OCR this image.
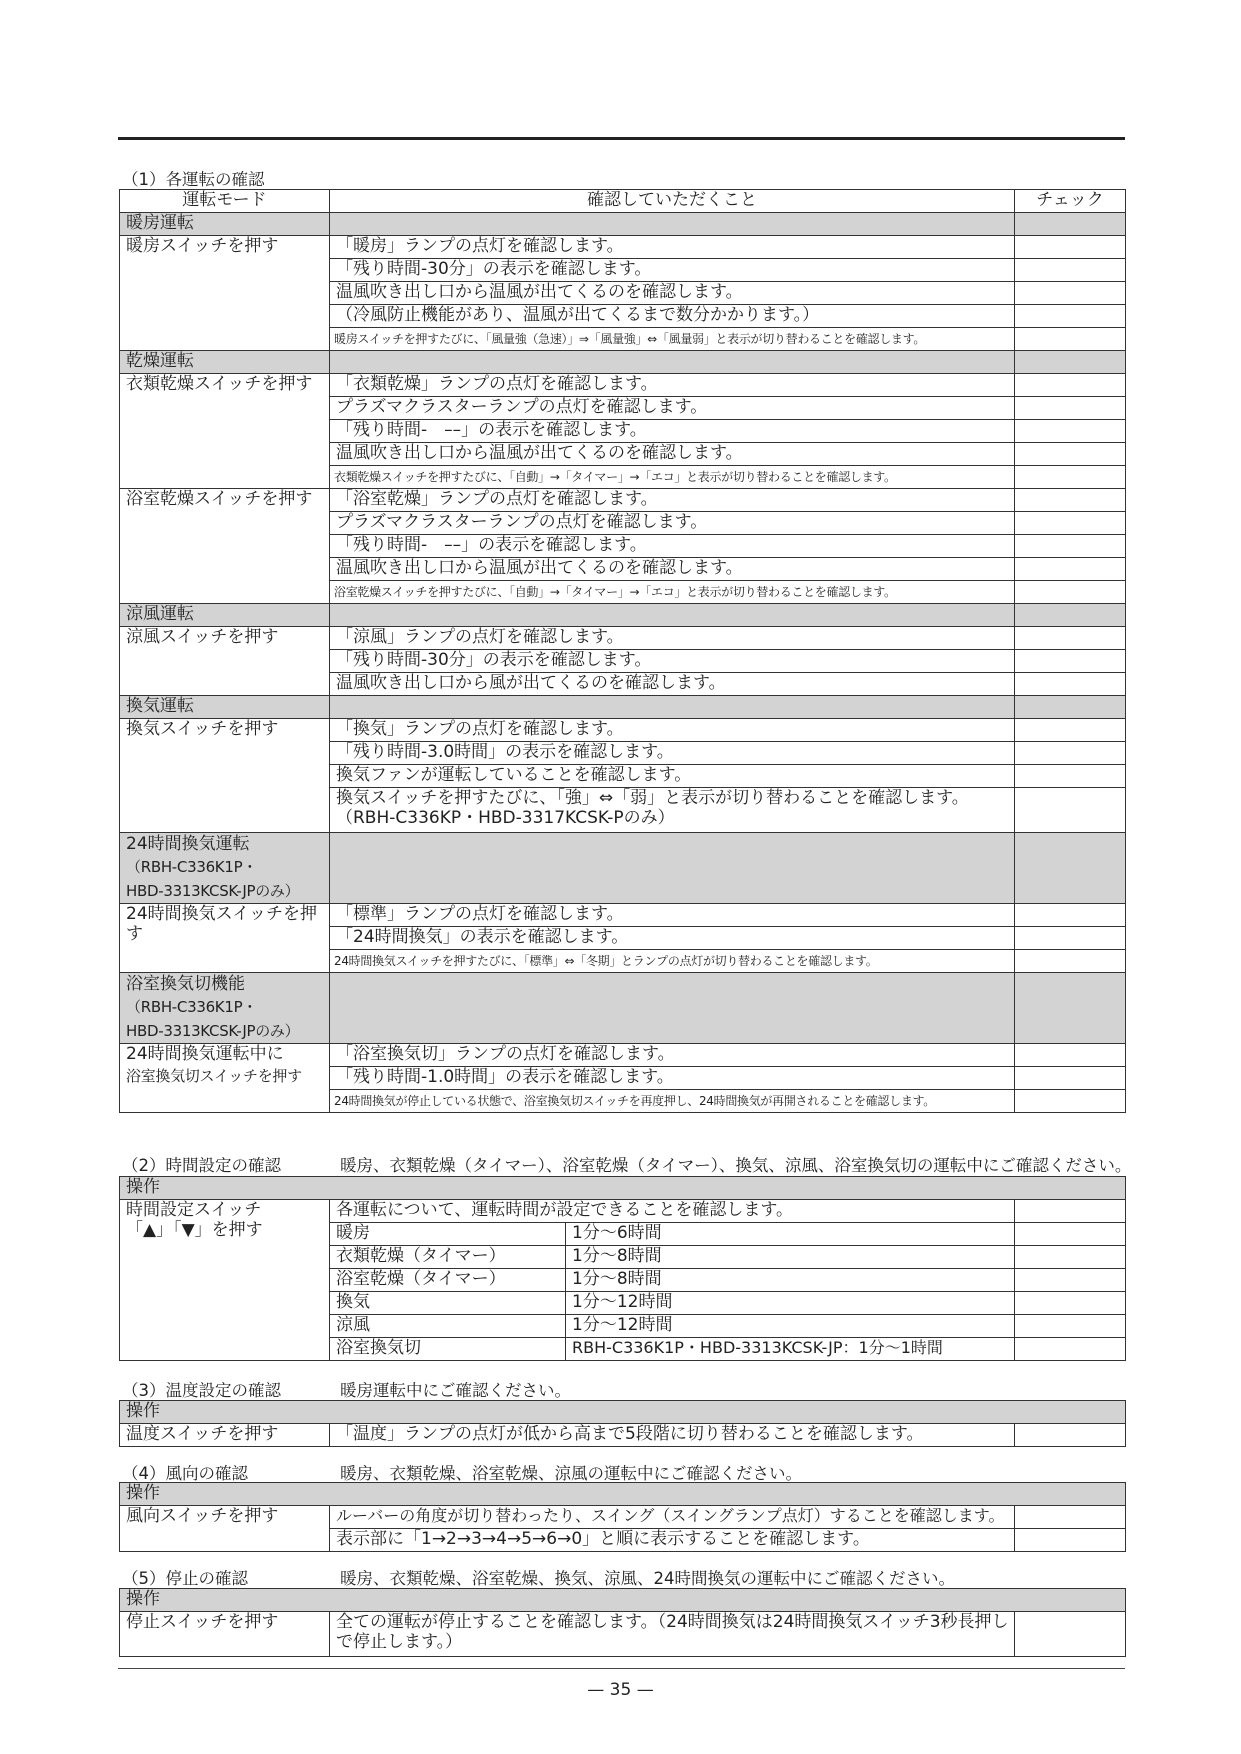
（1）各運転の確認
運転モード	確認していただくこと	チェック
暖房運転		
暖房スイッチを押す	「暖房」ランプの点灯を確認します。	
	「残り時間-30分」の表示を確認します。	
	温風吹き出し口から温風が出てくるのを確認します。	
	（冷風防止機能があり、温風が出てくるまで数分かかります。）	
	暖房スイッチを押すたびに、「風量強（急速）」⇒「風量強」⇔「風量弱」と表示が切り替わることを確認します。	
乾燥運転		
衣類乾燥スイッチを押す	「衣類乾燥」ランプの点灯を確認します。	
	プラズマクラスターランプの点灯を確認します。	
	「残り時間-　––」の表示を確認します。	
	温風吹き出し口から温風が出てくるのを確認します。	
	衣類乾燥スイッチを押すたびに、「自動」→「タイマー」→「エコ」と表示が切り替わることを確認します。	
浴室乾燥スイッチを押す	「浴室乾燥」ランプの点灯を確認します。	
	プラズマクラスターランプの点灯を確認します。	
	「残り時間-　––」の表示を確認します。	
	温風吹き出し口から温風が出てくるのを確認します。	
	浴室乾燥スイッチを押すたびに、「自動」→「タイマー」→「エコ」と表示が切り替わることを確認します。	
涼風運転		
涼風スイッチを押す	「涼風」ランプの点灯を確認します。	
	「残り時間-30分」の表示を確認します。	
	温風吹き出し口から風が出てくるのを確認します。	
換気運転		
換気スイッチを押す	「換気」ランプの点灯を確認します。	
	「残り時間-3.0時間」の表示を確認します。	
	換気ファンが運転していることを確認します。	
	換気スイッチを押すたびに、「強」⇔「弱」と表示が切り替わることを確認します。（RBH-C336KP・HBD-3317KCSK-Pのみ）	

24時間換気運転
（RBH-C336K1P・
HBD-3313KCSK-JPのみ）		

24時間換気スイッチを押す	「標準」ランプの点灯を確認します。	
	「24時間換気」の表示を確認します。	
	24時間換気スイッチを押すたびに、「標準」⇔「冬期」とランプの点灯が切り替わることを確認します。	

浴室換気切機能
（RBH-C336K1P・
HBD-3313KCSK-JPのみ）		

24時間換気運転中に
浴室換気切スイッチを押す	「浴室換気切」ランプの点灯を確認します。	
	「残り時間-1.0時間」の表示を確認します。	
	24時間換気が停止している状態で、浴室換気切スイッチを再度押し、24時間換気が再開されることを確認します。	
（2）時間設定の確認	暖房、衣類乾燥（タイマー）、浴室乾燥（タイマー）、換気、涼風、浴室換気切の運転中にご確認ください。
操作			

時間設定スイッチ
「▲」「▼」を押す	各運転について、運転時間が設定できることを確認します。		
	暖房	1分～6時間	
	衣類乾燥（タイマー）	1分～8時間	
	浴室乾燥（タイマー）	1分～8時間	
	換気	1分～12時間	
	涼風	1分～12時間	
	浴室換気切	RBH-C336K1P・HBD-3313KCSK-JP：1分～1時間	
（3）温度設定の確認	暖房運転中にご確認ください。
操作
温度スイッチを押す	「温度」ランプの点灯が低から高まで5段階に切り替わることを確認します。	
（4）風向の確認	暖房、衣類乾燥、浴室乾燥、涼風の運転中にご確認ください。
操作		
風向スイッチを押す	ルーバーの角度が切り替わったり、スイング（スイングランプ点灯）することを確認します。	
	表示部に「1→2→3→4→5→6→0」と順に表示することを確認します。	
（5）停止の確認	暖房、衣類乾燥、浴室乾燥、換気、涼風、24時間換気の運転中にご確認ください。
操作
停止スイッチを押す	全ての運転が停止することを確認します。（24時間換気は24時間換気スイッチ3秒長押しで停止します。）	
— 35 —
